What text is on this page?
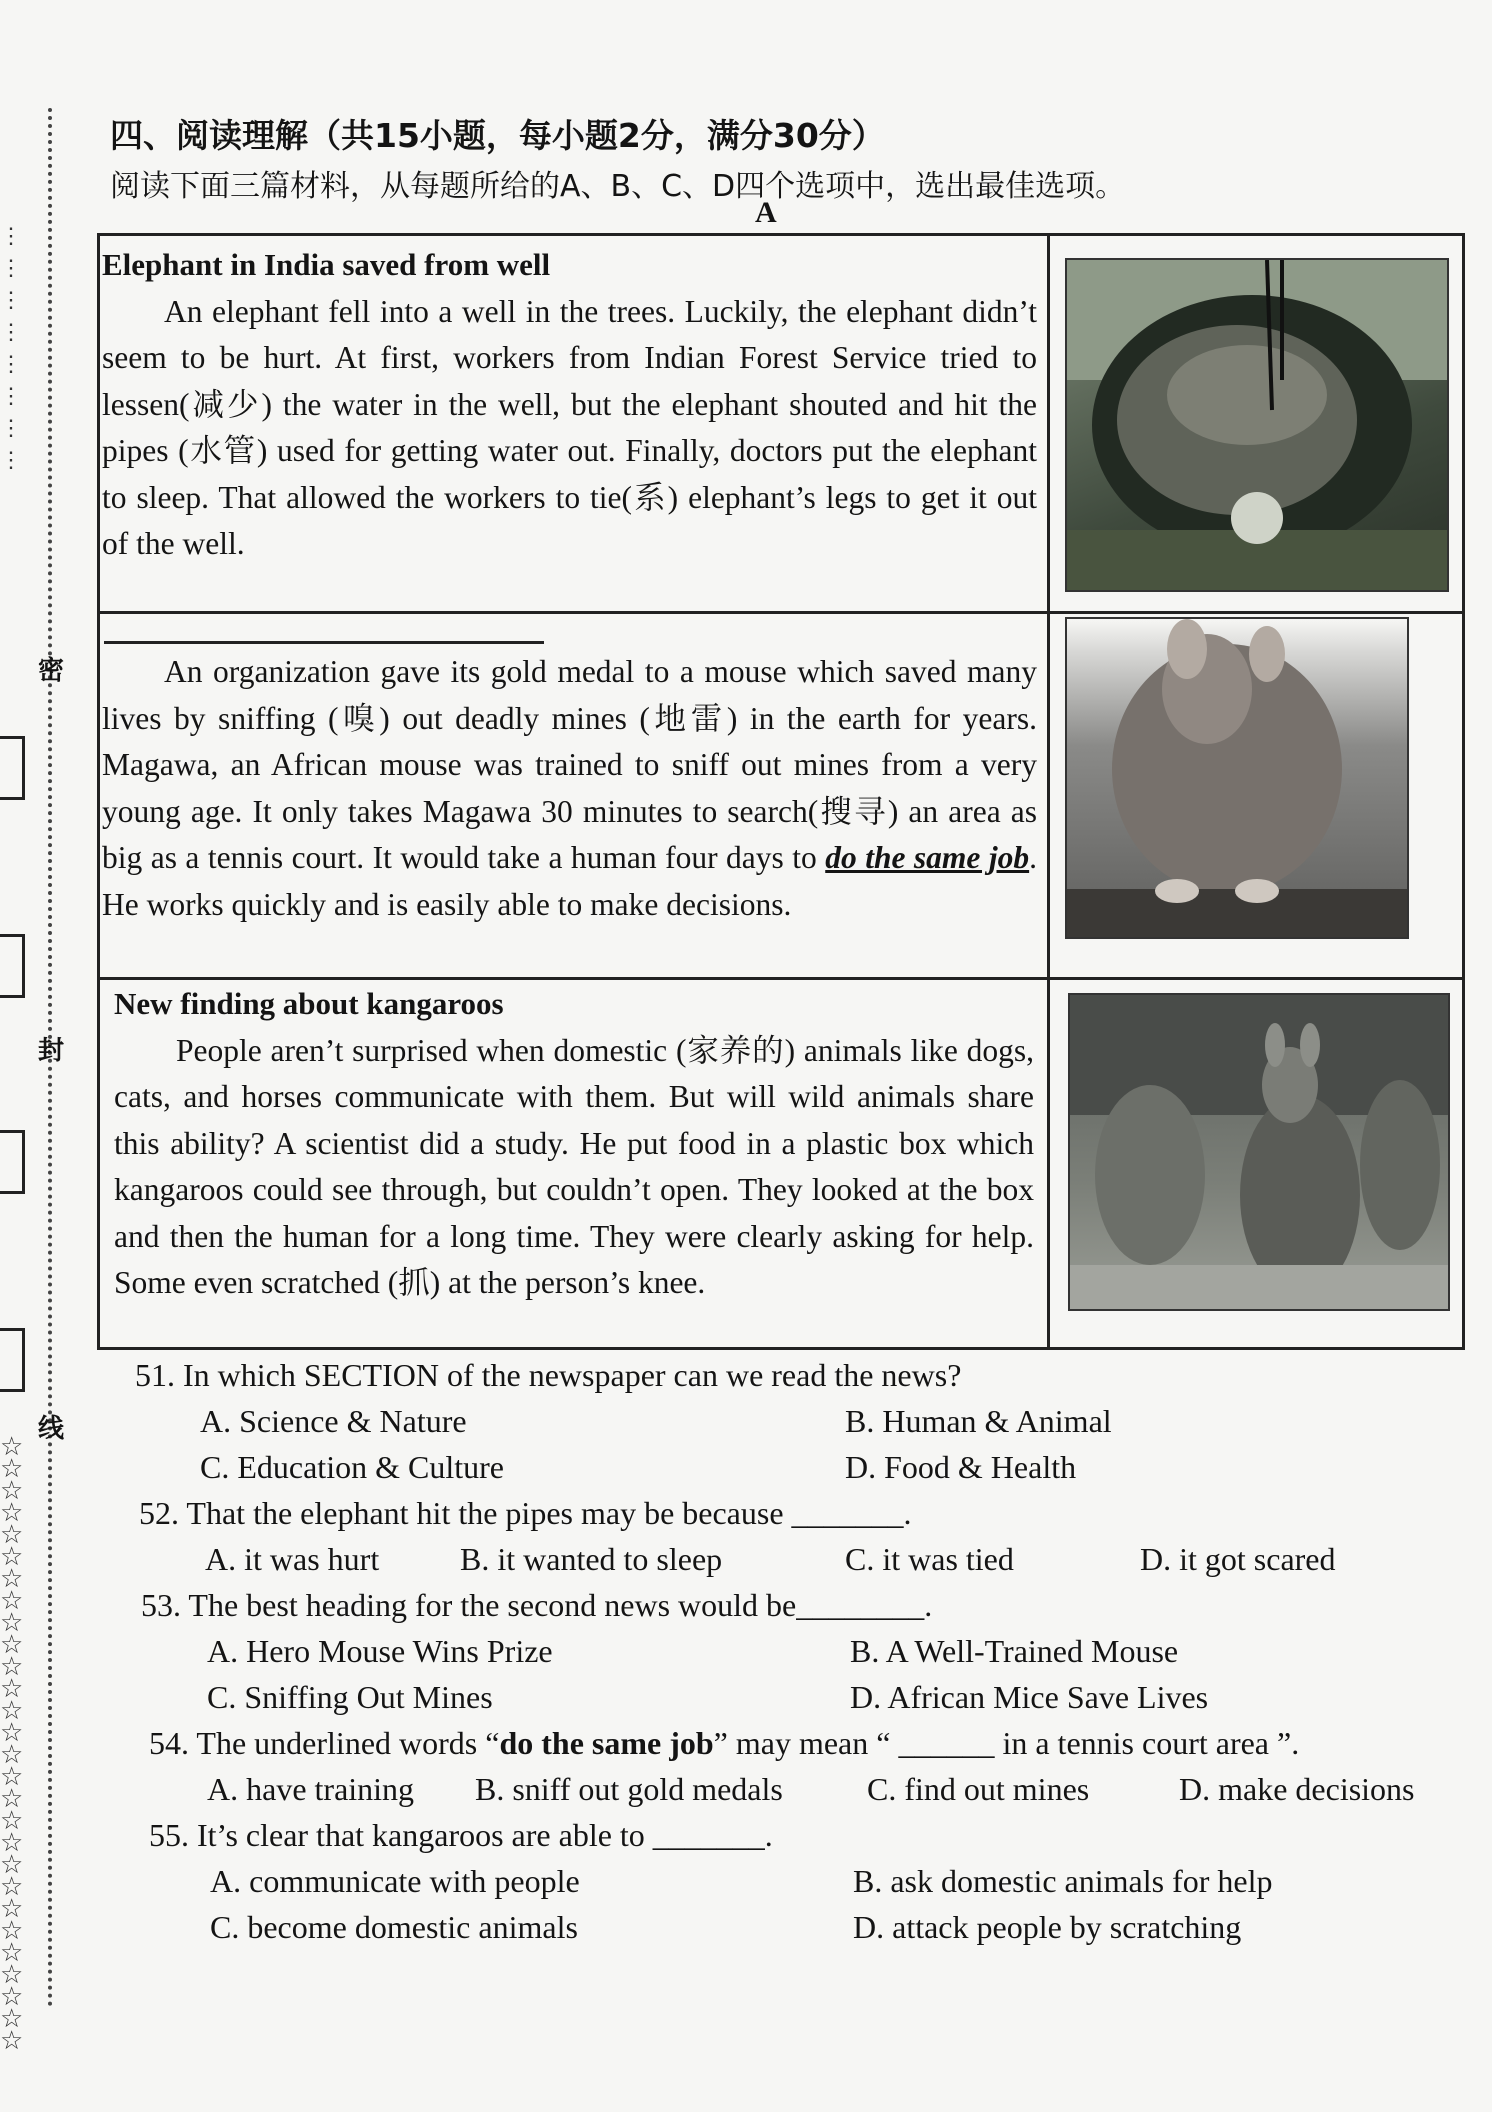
⋮
⋮
⋮
⋮
⋮
⋮
⋮
⋮
密
封
线
☆
☆
☆
☆
☆
☆
☆
☆
☆
☆
☆
☆
☆
☆
☆
☆
☆
☆
☆
☆
☆
☆
☆
☆
☆
☆
☆
☆
四、阅读理解（共15小题，每小题2分，满分30分）
阅读下面三篇材料，从每题所给的A、B、C、D四个选项中，选出最佳选项。
A
Elephant in India saved from well
An elephant fell into a well in the trees. Luckily, the elephant didn’t seem to be hurt. At first, workers from Indian Forest Service tried to lessen(减少) the water in the well, but the elephant shouted and hit the pipes (水管) used for getting water out. Finally, doctors put the elephant to sleep. That allowed the workers to tie(系) elephant’s legs to get it out of the well.
An organization gave its gold medal to a mouse which saved many lives by sniffing (嗅) out deadly mines (地雷) in the earth for years. Magawa, an African mouse was trained to sniff out mines from a very young age. It only takes Magawa 30 minutes to search(搜寻) an area as big as a tennis court. It would take a human four days to do the same job. He works quickly and is easily able to make decisions.
New finding about kangaroos
People aren’t surprised when domestic (家养的) animals like dogs, cats, and horses communicate with them. But will wild animals share this ability? A scientist did a study. He put food in a plastic box which kangaroos could see through, but couldn’t open. They looked at the box and then the human for a long time. They were clearly asking for help. Some even scratched (抓) at the person’s knee.
51. In which SECTION of the newspaper can we read the news?
A. Science & Nature	B. Human & Animal
C. Education & Culture	D. Food & Health
52. That the elephant hit the pipes may be because _______.
A. it was hurt	B. it wanted to sleep	C. it was tied	D. it got scared
53. The best heading for the second news would be________.
A. Hero Mouse Wins Prize	B. A Well-Trained Mouse
C. Sniffing Out Mines	D. African Mice Save Lives
54. The underlined words “do the same job” may mean “ ______ in a tennis court area ”.
A. have training B. sniff out gold medals	C. find out mines	D. make decisions
55. It’s clear that kangaroos are able to _______.
A. communicate with people	B. ask domestic animals for help
C. become domestic animals	D. attack people by scratching
